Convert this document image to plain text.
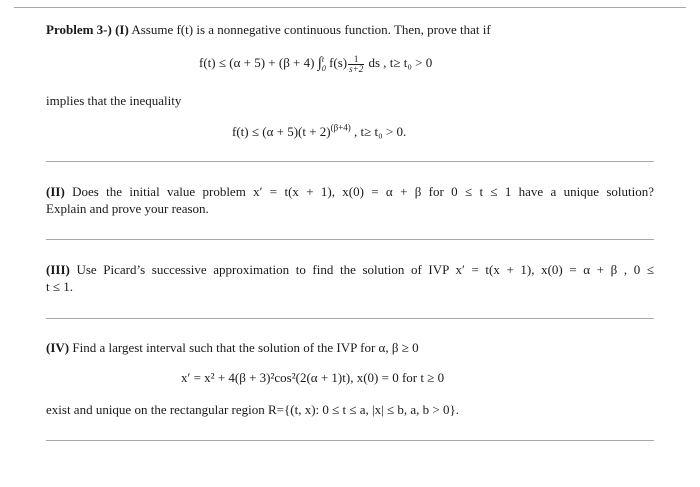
Problem 3-) (I) Assume f(t) is a nonnegative continuous function. Then, prove that if
f(t) ≤ (α + 5) + (β + 4) ∫ t
0 $f(s) \frac{1}{s+2}$ ds , t≥ t₀ > 0
implies that the inequality
$f(t) \le (\alpha + 5)(t + 2)^{(\beta+4)}$ , t≥ t₀ > 0.
(II) Does the initial value problem x′ = t(x + 1), x(0) = α + β for 0 ≤ t ≤ 1 have a unique solution?
Explain and prove your reason.
(III) Use Picard’s successive approximation to find the solution of IVP x′ = t(x + 1), x(0) = α + β , 0 ≤
t ≤ 1.
(IV) Find a largest interval such that the solution of the IVP for α, β ≥ 0
x′ = x² + 4(β + 3)²cos²(2(α + 1)t), x(0) = 0 for t ≥ 0
exist and unique on the rectangular region R={(t, x): 0 ≤ t ≤ a, |x| ≤ b, a, b > 0}.
